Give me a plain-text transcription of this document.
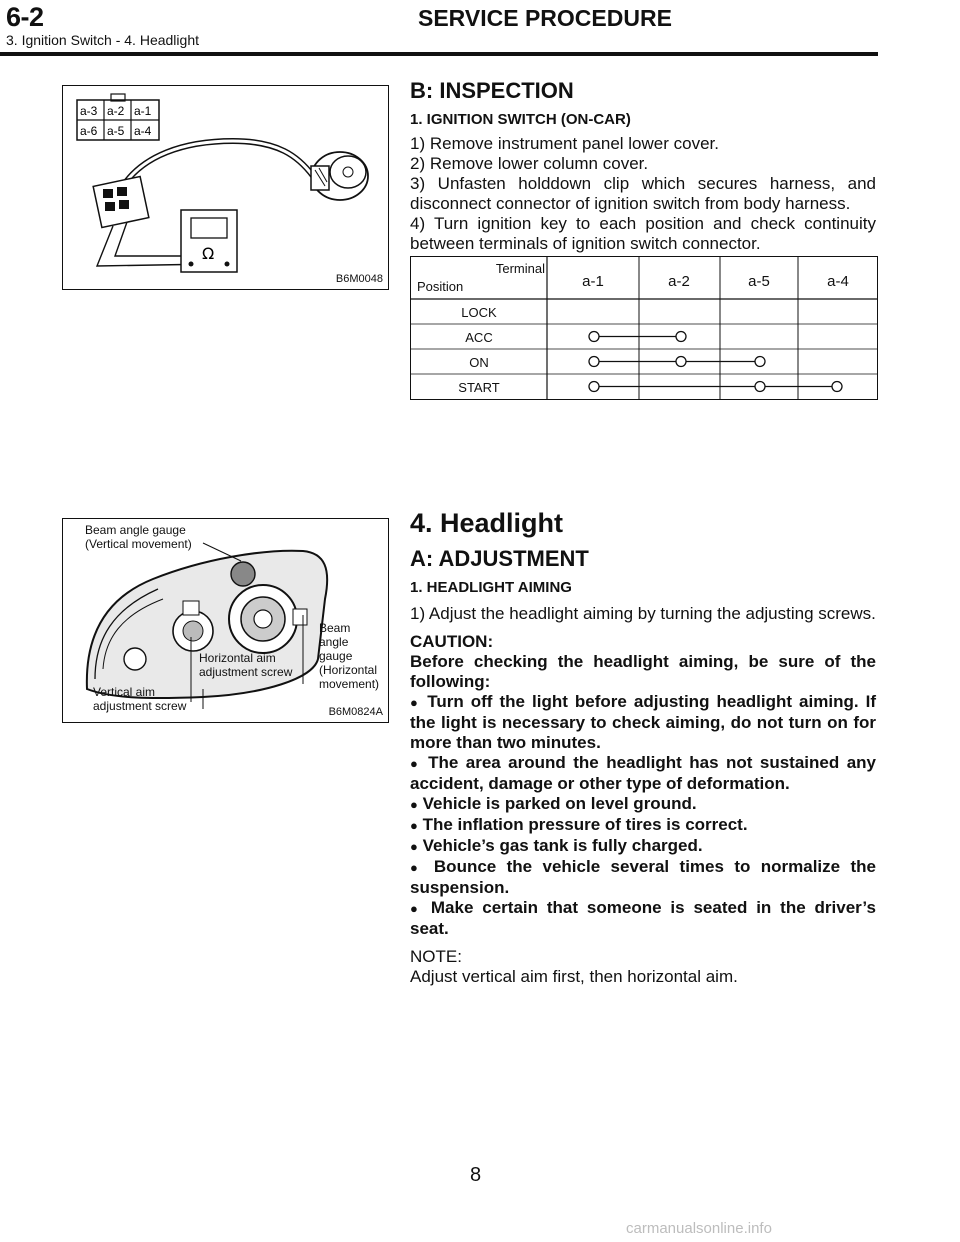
6-2	SERVICE PROCEDURE
3. Ignition Switch - 4. Headlight
a-3 a-2 a-1
a-6 a-5 a-4
Ω
B6M0048
B: INSPECTION
1. IGNITION SWITCH (ON-CAR)

1) Remove instrument panel lower cover.

2) Remove lower column cover.

3) Unfasten holddown clip which secures harness, and disconnect connector of ignition switch from body harness.

4) Turn ignition key to each position and check continuity between terminals of ignition switch connector.

Terminal
Position	a-1	a-2	a-5	a-4
LOCK
ACC
ON
START
Beam angle gauge
(Vertical movement)
Horizontal aim
adjustment screw
Beam
angle
gauge
(Horizontal
movement)
Vertical aim
adjustment screw	B6M0824A
4. Headlight
A: ADJUSTMENT
1. HEADLIGHT AIMING

1) Adjust the headlight aiming by turning the adjusting screws.

CAUTION:

Before checking the headlight aiming, be sure of the following:

● Turn off the light before adjusting headlight aiming. If the light is necessary to check aiming, do not turn on for more than two minutes.
● The area around the headlight has not sustained any accident, damage or other type of deformation.
● Vehicle is parked on level ground.
● The inflation pressure of tires is correct.
● Vehicle’s gas tank is fully charged.
● Bounce the vehicle several times to normalize the suspension.
● Make certain that someone is seated in the driver’s seat.
NOTE:

Adjust vertical aim first, then horizontal aim.

8
carmanualsonline.info
